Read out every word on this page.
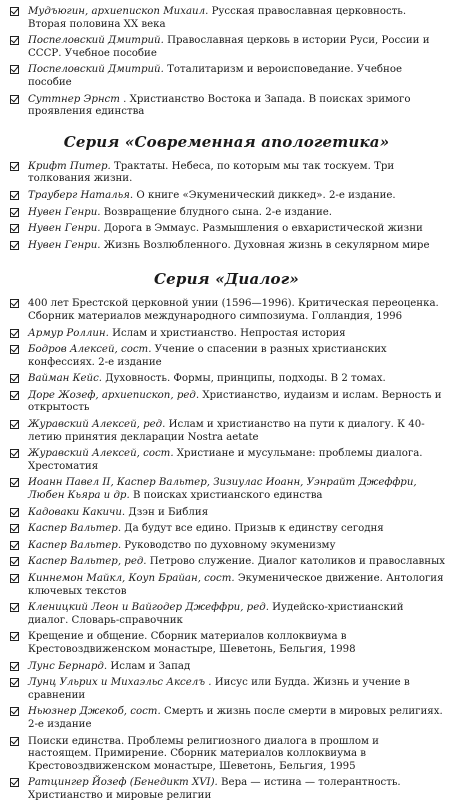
Мудъюгин, архиепископ Михаил. Русская православная церковность. Вторая половина XX века
Поспеловский Дмитрий. Православная церковь в истории Руси, России и СССР. Учебное пособие
Поспеловский Дмитрий. Тоталитаризм и вероисповедание. Учебное пособие
Суттнер Эрнст . Христианство Востока и Запада. В поисках зримого проявления единства
Серия «Современная апологетика»
Крифт Питер. Трактаты. Небеса, по которым мы так тоскуем. Три толкования жизни.
Трауберг Наталья. О книге «Экуменический диккед». 2-е издание.
Нувен Генри. Возвращение блудного сына. 2-е издание.
Нувен Генри. Дорога в Эммаус. Размышления о евхаристической жизни
Нувен Генри. Жизнь Возлюбленного. Духовная жизнь в секулярном мире
Серия «Диалог»
400 лет Брестской церковной унии (1596—1996). Критическая переоценка. Сборник материалов международного симпозиума. Голландия, 1996
Армур Роллин. Ислам и христианство. Непростая история
Бодров Алексей, сост. Учение о спасении в разных христианских конфессиях. 2-е издание
Вайман Кейс. Духовность. Формы, принципы, подходы. В 2 томах.
Доре Жозеф, архиепископ, ред. Христианство, иудаизм и ислам. Верность и открытость
Журавский Алексей, ред. Ислам и христианство на пути к диалогу. К 40-летию принятия декларации Nostra aetate
Журавский Алексей, сост. Христиане и мусульмане: проблемы диалога. Хрестоматия
Иоанн Павел II, Каспер Вальтер, Зизиулас Иоанн, Уэнрайт Джеффри, Любен Кьяра и др. В поисках христианского единства
Кадоваки Какичи. Дзэн и Библия
Каспер Вальтер. Да будут все едино. Призыв к единству сегодня
Каспер Вальтер. Руководство по духовному экуменизму
Каспер Вальтер, ред. Петрово служение. Диалог католиков и православных
Киннемон Майкл, Коуп Брайан, сост. Экуменическое движение. Антология ключевых текстов
Кленицкий Леон и Вайгодер Джеффри, ред. Иудейско-христианский диалог. Словарь-справочник
Крещение и общение. Сборник материалов коллоквиума в Крестовоздвиженском монастыре, Шеветонь, Бельгия, 1998
Лунс Бернард. Ислам и Запад
Лунц Ульрих и Михаэльс Акселъ . Иисус или Будда. Жизнь и учение в сравнении
Ньюзнер Джекоб, сост. Смерть и жизнь после смерти в мировых религиях. 2-е издание
Поиски единства. Проблемы религиозного диалога в прошлом и настоящем. Примирение. Сборник материалов коллоквиума в Крестовоздвиженском монастыре, Шеветонь, Бельгия, 1995
Ратцингер Йозеф (Бенедикт XVI). Вера — истина — толерантность. Христианство и мировые религии
